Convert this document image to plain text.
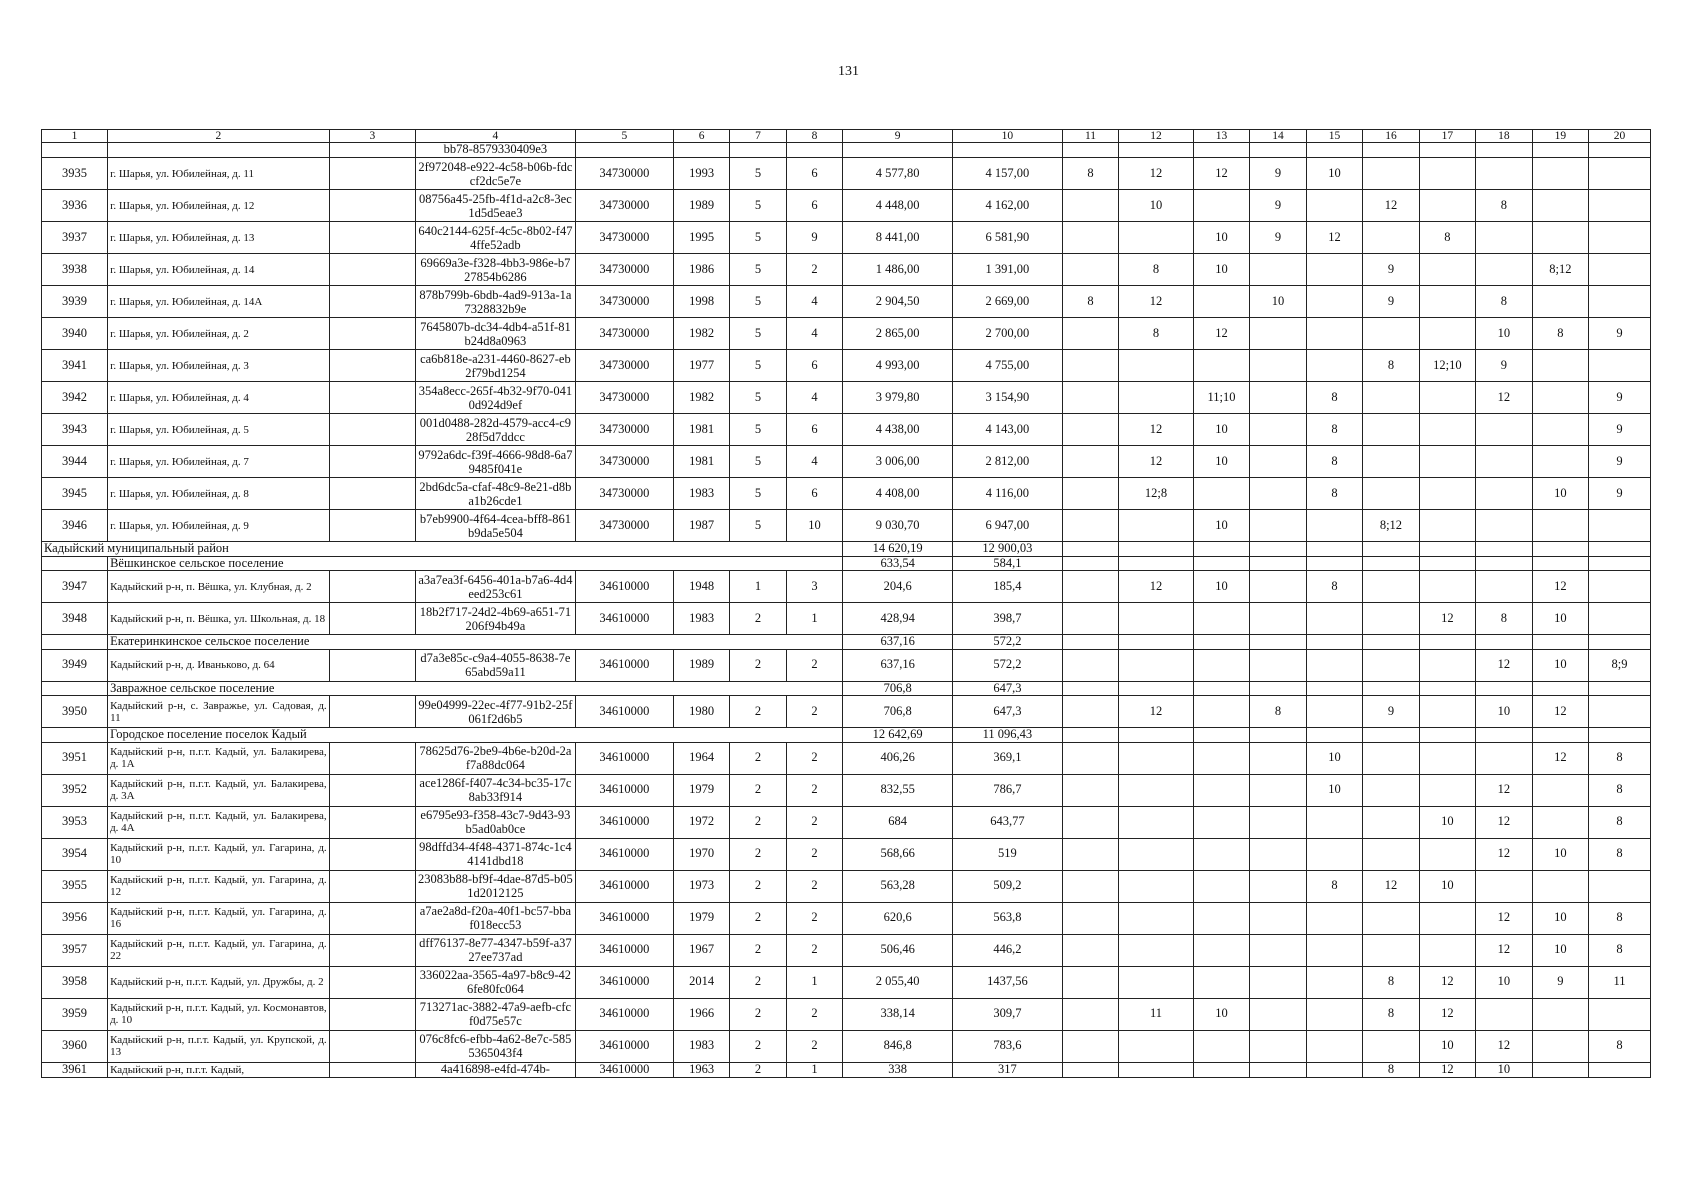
131
1	2	3	4	5	6	7	8	9	10	11	12	13	14	15	16	17	18	19	20
			bb78-8579330409e3																
3935	г. Шарья, ул. Юбилейная, д. 11		2f972048-e922-4c58-b06b-fdccf2dc5e7e	34730000	1993	5	6	4 577,80	4 157,00	8	12	12	9	10					
3936	г. Шарья, ул. Юбилейная, д. 12		08756a45-25fb-4f1d-a2c8-3ec1d5d5eae3	34730000	1989	5	6	4 448,00	4 162,00		10		9		12		8		
3937	г. Шарья, ул. Юбилейная, д. 13		640c2144-625f-4c5c-8b02-f474ffe52adb	34730000	1995	5	9	8 441,00	6 581,90			10	9	12		8			
3938	г. Шарья, ул. Юбилейная, д. 14		69669a3e-f328-4bb3-986e-b727854b6286	34730000	1986	5	2	1 486,00	1 391,00		8	10			9			8;12	
3939	г. Шарья, ул. Юбилейная, д. 14А		878b799b-6bdb-4ad9-913a-1a7328832b9e	34730000	1998	5	4	2 904,50	2 669,00	8	12		10		9		8		
3940	г. Шарья, ул. Юбилейная, д. 2		7645807b-dc34-4db4-a51f-81b24d8a0963	34730000	1982	5	4	2 865,00	2 700,00		8	12					10	8	9
3941	г. Шарья, ул. Юбилейная, д. 3		ca6b818e-a231-4460-8627-eb2f79bd1254	34730000	1977	5	6	4 993,00	4 755,00						8	12;10	9		
3942	г. Шарья, ул. Юбилейная, д. 4		354a8ecc-265f-4b32-9f70-0410d924d9ef	34730000	1982	5	4	3 979,80	3 154,90			11;10		8			12		9
3943	г. Шарья, ул. Юбилейная, д. 5		001d0488-282d-4579-acc4-c928f5d7ddcc	34730000	1981	5	6	4 438,00	4 143,00		12	10		8					9
3944	г. Шарья, ул. Юбилейная, д. 7		9792a6dc-f39f-4666-98d8-6a79485f041e	34730000	1981	5	4	3 006,00	2 812,00		12	10		8					9
3945	г. Шарья, ул. Юбилейная, д. 8		2bd6dc5a-cfaf-48c9-8e21-d8ba1b26cde1	34730000	1983	5	6	4 408,00	4 116,00		12;8			8				10	9
3946	г. Шарья, ул. Юбилейная, д. 9		b7eb9900-4f64-4cea-bff8-861b9da5e504	34730000	1987	5	10	9 030,70	6 947,00			10			8;12				
Кадыйский муниципальный район								14 620,19	12 900,03										
	Вёшкинское сельское поселение							633,54	584,1										
3947	Кадыйский р-н, п. Вёшка, ул. Клубная, д. 2		a3a7ea3f-6456-401a-b7a6-4d4eed253c61	34610000	1948	1	3	204,6	185,4		12	10		8				12	
3948	Кадыйский р-н, п. Вёшка, ул. Школьная, д. 18		18b2f717-24d2-4b69-a651-71206f94b49a	34610000	1983	2	1	428,94	398,7							12	8	10	
	Екатеринкинское сельское поселение							637,16	572,2										
3949	Кадыйский р-н, д. Иваньково, д. 64		d7a3e85c-c9a4-4055-8638-7e65abd59a11	34610000	1989	2	2	637,16	572,2								12	10	8;9
	Завражное сельское поселение							706,8	647,3										
3950	Кадыйский р-н, с. Завражье, ул. Садовая, д. 11		99e04999-22ec-4f77-91b2-25f061f2d6b5	34610000	1980	2	2	706,8	647,3		12		8		9		10	12	
	Городское поселение поселок Кадый							12 642,69	11 096,43										
3951	Кадыйский р-н, п.г.т. Кадый, ул. Балакирева, д. 1А		78625d76-2be9-4b6e-b20d-2af7a88dc064	34610000	1964	2	2	406,26	369,1					10				12	8
3952	Кадыйский р-н, п.г.т. Кадый, ул. Балакирева, д. 3А		ace1286f-f407-4c34-bc35-17c8ab33f914	34610000	1979	2	2	832,55	786,7					10			12		8
3953	Кадыйский р-н, п.г.т. Кадый, ул. Балакирева, д. 4А		e6795e93-f358-43c7-9d43-93b5ad0ab0ce	34610000	1972	2	2	684	643,77							10	12		8
3954	Кадыйский р-н, п.г.т. Кадый, ул. Гагарина, д. 10		98dffd34-4f48-4371-874c-1c44141dbd18	34610000	1970	2	2	568,66	519								12	10	8
3955	Кадыйский р-н, п.г.т. Кадый, ул. Гагарина, д. 12		23083b88-bf9f-4dae-87d5-b051d2012125	34610000	1973	2	2	563,28	509,2					8	12	10			
3956	Кадыйский р-н, п.г.т. Кадый, ул. Гагарина, д. 16		a7ae2a8d-f20a-40f1-bc57-bbaf018ecc53	34610000	1979	2	2	620,6	563,8								12	10	8
3957	Кадыйский р-н, п.г.т. Кадый, ул. Гагарина, д. 22		dff76137-8e77-4347-b59f-a3727ee737ad	34610000	1967	2	2	506,46	446,2								12	10	8
3958	Кадыйский р-н, п.г.т. Кадый, ул. Дружбы, д. 2		336022aa-3565-4a97-b8c9-426fe80fc064	34610000	2014	2	1	2 055,40	1437,56						8	12	10	9	11
3959	Кадыйский р-н, п.г.т. Кадый, ул. Космонавтов, д. 10		713271ac-3882-47a9-aefb-cfcf0d75e57c	34610000	1966	2	2	338,14	309,7		11	10			8	12			
3960	Кадыйский р-н, п.г.т. Кадый, ул. Крупской, д. 13		076c8fc6-efbb-4a62-8e7c-5855365043f4	34610000	1983	2	2	846,8	783,6							10	12		8
3961	Кадыйский р-н, п.г.т. Кадый,		4a416898-e4fd-474b-	34610000	1963	2	1	338	317						8	12	10		
